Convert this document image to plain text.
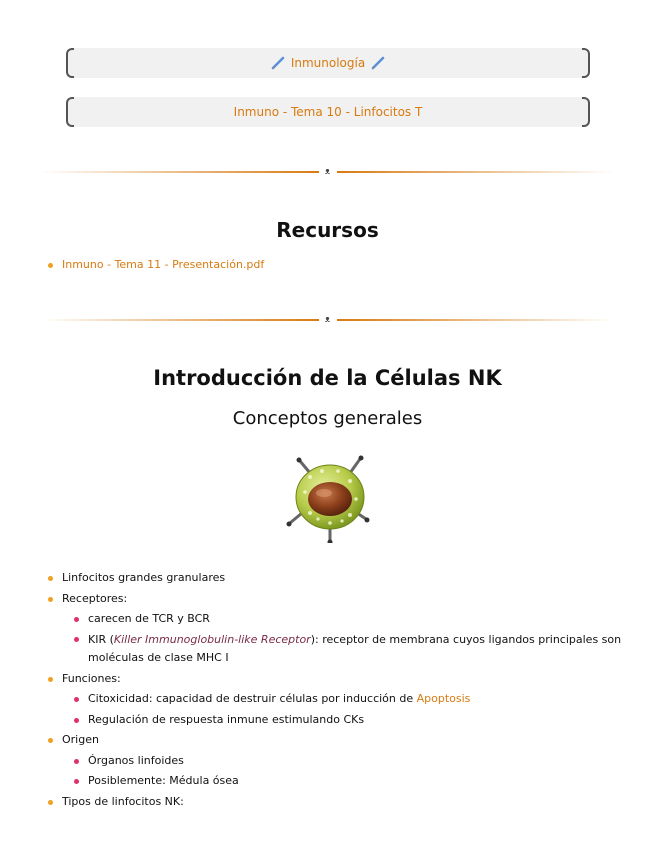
Inmunología
Inmuno - Tema 10 - Linfocitos T
ᴥ
Recursos
Inmuno - Tema 11 - Presentación.pdf
ᴥ
Introducción de la Células NK
Conceptos generales
Linfocitos grandes granulares
Receptores:
carecen de TCR y BCR
KIR (Killer Immunoglobulin-like Receptor): receptor de membrana cuyos ligandos principales son moléculas de clase MHC I
Funciones:
Citoxicidad: capacidad de destruir células por inducción de Apoptosis
Regulación de respuesta inmune estimulando CKs
Origen
Órganos linfoides
Posiblemente: Médula ósea
Tipos de linfocitos NK:
